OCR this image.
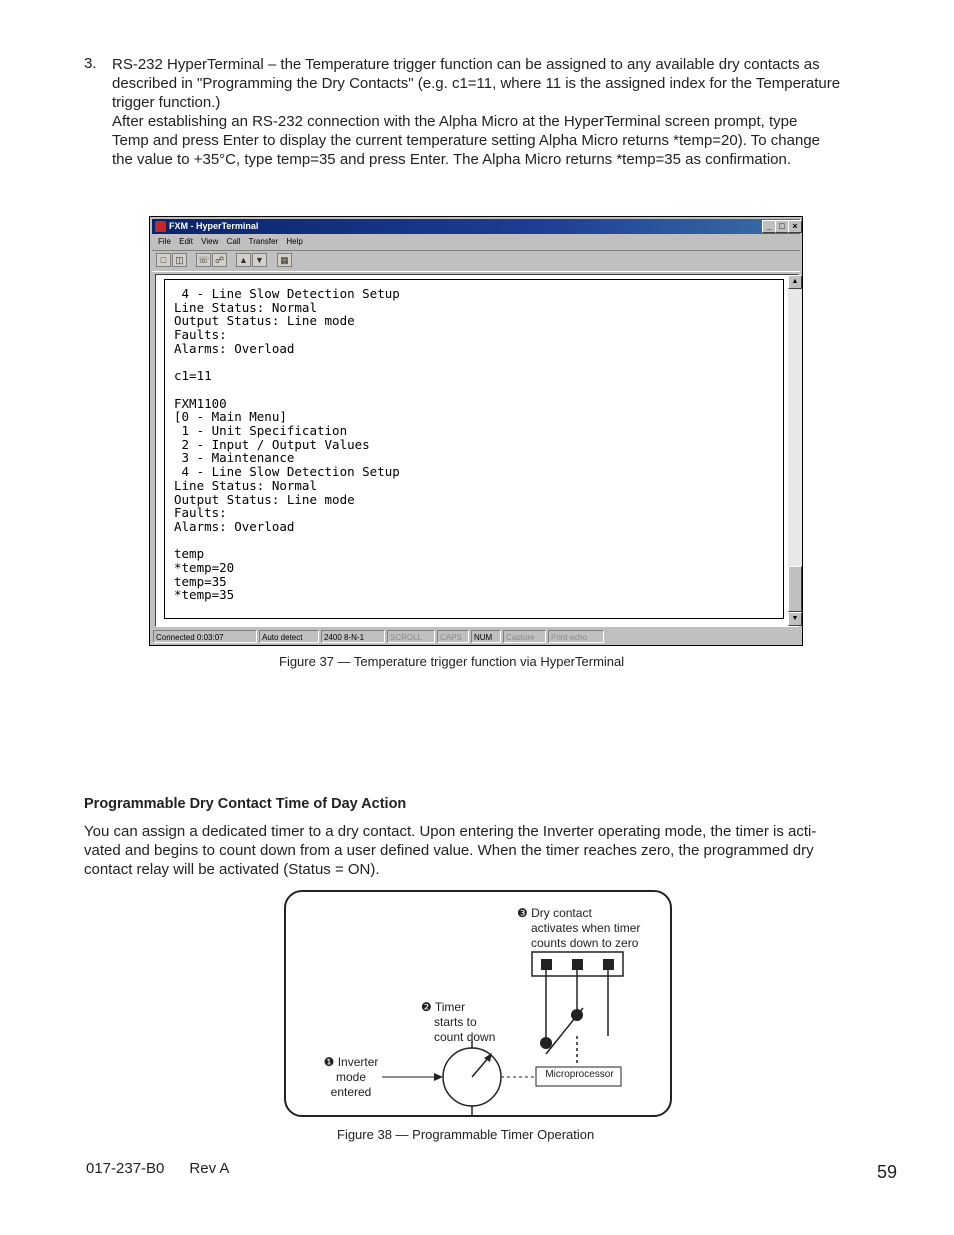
3. RS-232 HyperTerminal – the Temperature trigger function can be assigned to any available dry contacts as

described in "Programming the Dry Contacts" (e.g. c1=11, where 11 is the assigned index for the Temperature

trigger function.)

After establishing an RS-232 connection with the Alpha Micro at the HyperTerminal screen prompt, type

Temp and press Enter to display the current temperature setting Alpha Micro returns *temp=20). To change

the value to +35°C, type temp=35 and press Enter. The Alpha Micro returns *temp=35 as confirmation.

FXM - HyperTerminal	_ □ ×
File Edit View Call Transfer Help
□	◫	☏ ☍	▲ ▼	▦
4 - Line Slow Detection Setup
Line Status: Normal
Output Status: Line mode
Faults:
Alarms: Overload

c1=11

FXM1100
[0 - Main Menu]
1 - Unit Specification
2 - Input / Output Values
3 - Maintenance
4 - Line Slow Detection Setup
Line Status: Normal
Output Status: Line mode
Faults:
Alarms: Overload

temp
*temp=20
temp=35
*temp=35
▲
▼
Connected 0:03:07	Auto detect	2400 8-N-1	SCROLL	CAPS	NUM	Capture	Print echo
Figure 37 — Temperature trigger function via HyperTerminal
Programmable Dry Contact Time of Day Action
You can assign a dedicated timer to a dry contact. Upon entering the Inverter operating mode, the timer is acti-
vated and begins to count down from a user defined value. When the timer reaches zero, the programmed dry
contact relay will be activated (Status = ON).
❶ Inverter
mode
entered
❷ Timer
starts to
count down
❸ Dry contact
activates when timer
counts down to zero
Microprocessor
Figure 38 — Programmable Timer Operation
017-237-B0      Rev A	59
